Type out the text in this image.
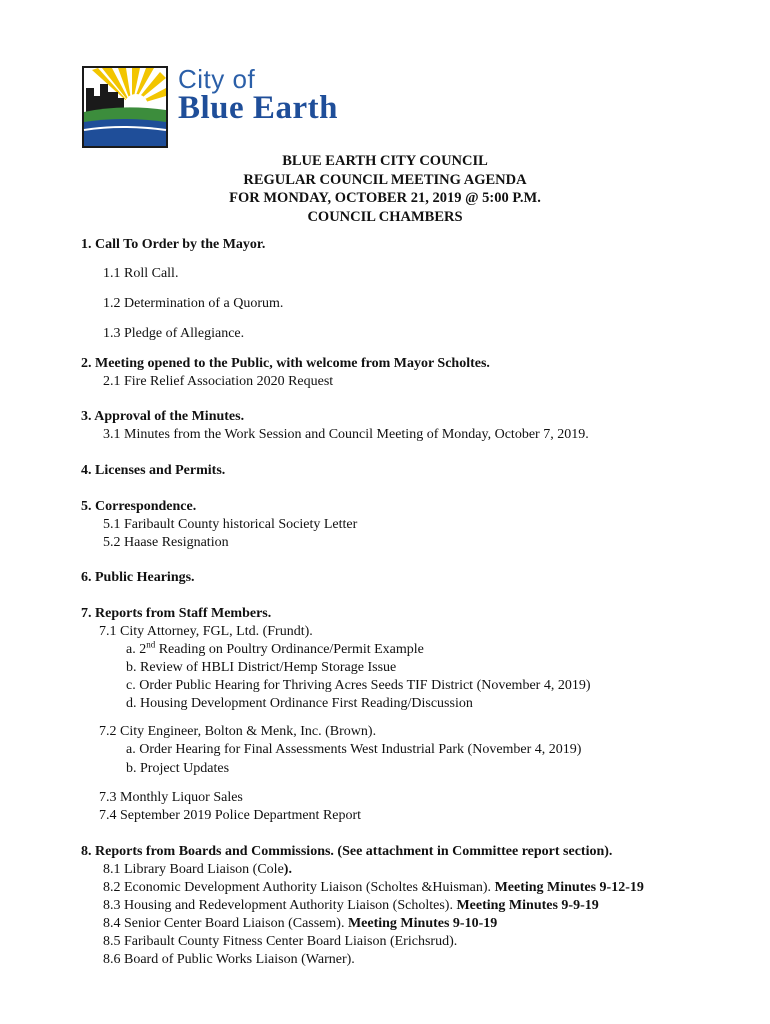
City of
Blue Earth
BLUE EARTH CITY COUNCIL
REGULAR COUNCIL MEETING AGENDA
FOR MONDAY, OCTOBER 21, 2019 @ 5:00 P.M.
COUNCIL CHAMBERS
1. Call To Order by the Mayor.
1.1 Roll Call.
1.2 Determination of a Quorum.
1.3 Pledge of Allegiance.
2. Meeting opened to the Public, with welcome from Mayor Scholtes.
2.1 Fire Relief Association 2020 Request
3. Approval of the Minutes.
3.1 Minutes from the Work Session and Council Meeting of Monday, October 7, 2019.
4. Licenses and Permits.
5. Correspondence.
5.1 Faribault County historical Society Letter
5.2 Haase Resignation
6. Public Hearings.
7. Reports from Staff Members.
7.1 City Attorney, FGL, Ltd. (Frundt).
a. 2nd Reading on Poultry Ordinance/Permit Example
b. Review of HBLI District/Hemp Storage Issue
c. Order Public Hearing for Thriving Acres Seeds TIF District (November 4, 2019)
d. Housing Development Ordinance First Reading/Discussion
7.2 City Engineer, Bolton & Menk, Inc. (Brown).
a. Order Hearing for Final Assessments West Industrial Park (November 4, 2019)
b. Project Updates
7.3 Monthly Liquor Sales
7.4 September 2019 Police Department Report
8. Reports from Boards and Commissions. (See attachment in Committee report section).
8.1 Library Board Liaison (Cole).
8.2 Economic Development Authority Liaison (Scholtes &Huisman). Meeting Minutes 9-12-19
8.3 Housing and Redevelopment Authority Liaison (Scholtes). Meeting Minutes 9-9-19
8.4 Senior Center Board Liaison (Cassem). Meeting Minutes 9-10-19
8.5 Faribault County Fitness Center Board Liaison (Erichsrud).
8.6 Board of Public Works Liaison (Warner).
